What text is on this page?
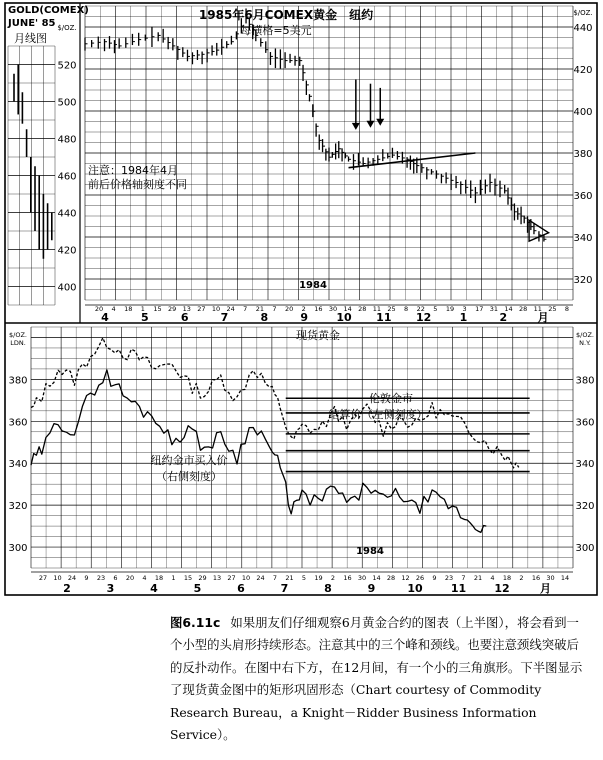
320
340
360
380
400
420
440
$/OZ.
20 4 18 1 15 29 13 27 10 24 7 21 7 20 2 16 30 14 28 11 25 8 22 5 19 3 17 31 14 28 11 25 8
4	5	6	7	8	9	10 11 12	1	2	月
400
420
440
460
480
500
520
$/OZ.
1985年6月COMEX黄金　纽约
每横格=5美元
注意：1984年4月
前后价格轴刻度不同
1984
GOLD(COMEX)
JUNE' 85
月线图
300	300
320	320
340	340
360	360
380	380
$/OZ.
LDN.
$/OZ.
N.Y.
27 10 24 9 23 6 20 4 18 1 15 29 13 27 10 24 7 21 5 19 2 16 30 14 28 12 26 9 23 7 21 4 18 2 16 30 14
2	3	4	5	6	7	8	9	10	11	12	月
现货黄金
伦敦金市
结算价（左侧刻度）
纽约金市买入价
（右侧刻度）
1984
图6.11c 如果朋友们仔细观察6月黄金合约的图表（上半图），将会看到一个小型的头肩形持续形态。注意其中的三个峰和颈线。也要注意颈线突破后的反扑动作。在图中右下方，在12月间，有一个小的三角旗形。下半图显示了现货黄金图中的矩形巩固形态（Chart courtesy of Commodity Research Bureau，a Knight－Ridder Business Information Service）。
